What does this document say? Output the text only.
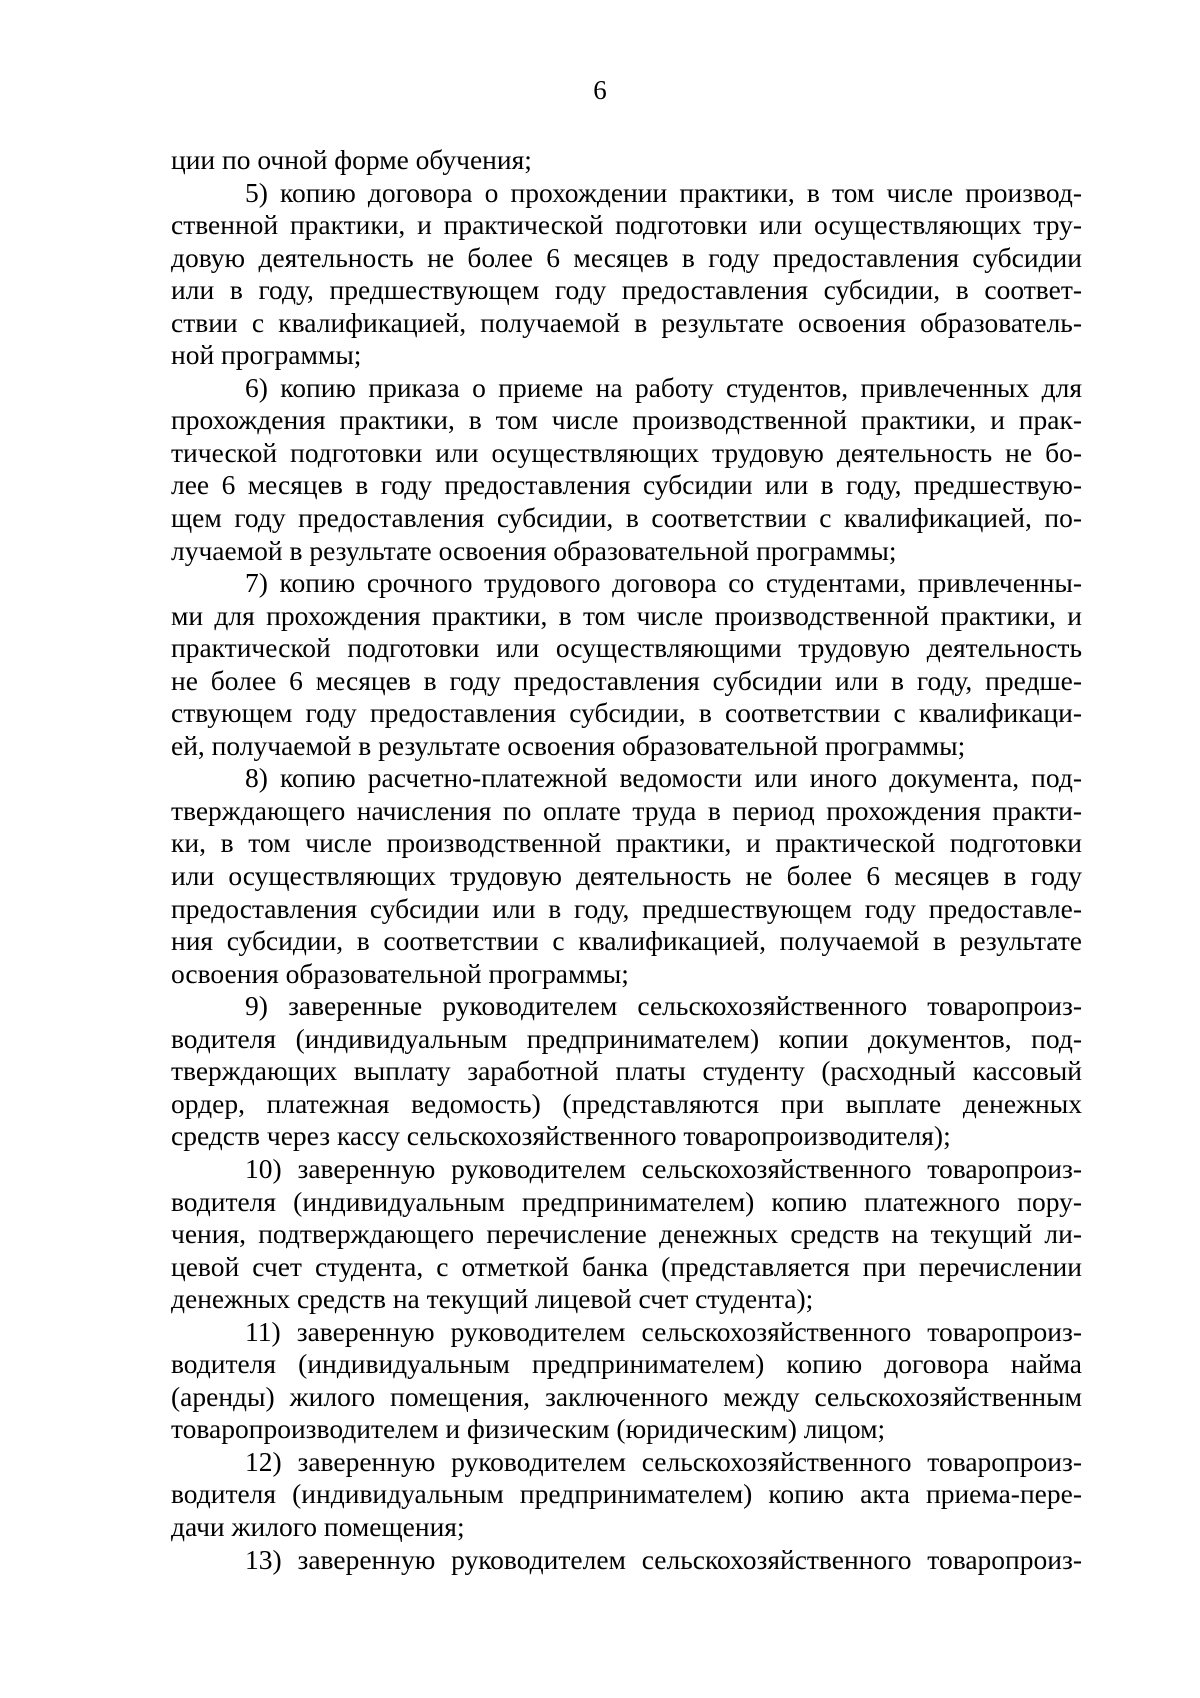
6
ции по очной форме обучения;
5) копию договора о прохождении практики, в том числе производ-
ственной практики, и практической подготовки или осуществляющих тру-
довую деятельность не более 6 месяцев в году предоставления субсидии
или в году, предшествующем году предоставления субсидии, в соответ-
ствии с квалификацией, получаемой в результате освоения образователь-
ной программы;
6) копию приказа о приеме на работу студентов, привлеченных для
прохождения практики, в том числе производственной практики, и прак-
тической подготовки или осуществляющих трудовую деятельность не бо-
лее 6 месяцев в году предоставления субсидии или в году, предшествую-
щем году предоставления субсидии, в соответствии с квалификацией, по-
лучаемой в результате освоения образовательной программы;
7) копию срочного трудового договора со студентами, привлеченны-
ми для прохождения практики, в том числе производственной практики, и
практической подготовки или осуществляющими трудовую деятельность
не более 6 месяцев в году предоставления субсидии или в году, предше-
ствующем году предоставления субсидии, в соответствии с квалификаци-
ей, получаемой в результате освоения образовательной программы;
8) копию расчетно-платежной ведомости или иного документа, под-
тверждающего начисления по оплате труда в период прохождения практи-
ки, в том числе производственной практики, и практической подготовки
или осуществляющих трудовую деятельность не более 6 месяцев в году
предоставления субсидии или в году, предшествующем году предоставле-
ния субсидии, в соответствии с квалификацией, получаемой в результате
освоения образовательной программы;
9) заверенные руководителем сельскохозяйственного товаропроиз-
водителя (индивидуальным предпринимателем) копии документов, под-
тверждающих выплату заработной платы студенту (расходный кассовый
ордер, платежная ведомость) (представляются при выплате денежных
средств через кассу сельскохозяйственного товаропроизводителя);
10) заверенную руководителем сельскохозяйственного товаропроиз-
водителя (индивидуальным предпринимателем) копию платежного пору-
чения, подтверждающего перечисление денежных средств на текущий ли-
цевой счет студента, с отметкой банка (представляется при перечислении
денежных средств на текущий лицевой счет студента);
11) заверенную руководителем сельскохозяйственного товаропроиз-
водителя (индивидуальным предпринимателем) копию договора найма
(аренды) жилого помещения, заключенного между сельскохозяйственным
товаропроизводителем и физическим (юридическим) лицом;
12) заверенную руководителем сельскохозяйственного товаропроиз-
водителя (индивидуальным предпринимателем) копию акта приема-пере-
дачи жилого помещения;
13) заверенную руководителем сельскохозяйственного товаропроиз-
